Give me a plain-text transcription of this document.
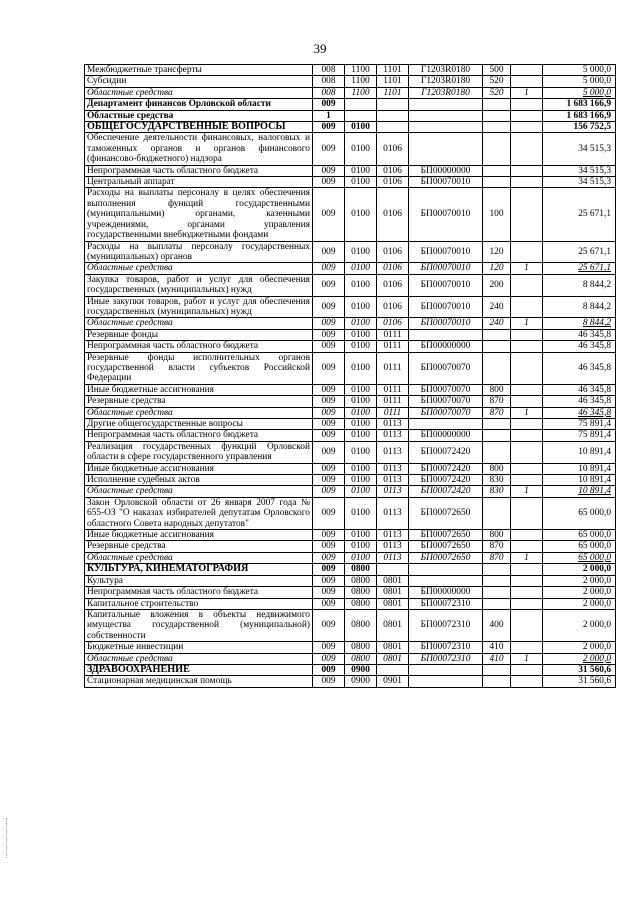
39
Межбюджетные трансферты	008	1100	1101	Г1203R0180	500		5 000,0
Субсидии	008	1100	1101	Г1203R0180	520		5 000,0
Областные средства	008	1100	1101	Г1203R0180	520	1	5 000,0
Департамент финансов Орловской области	009						1 683 166,9
Областные средства	1						1 683 166,9
ОБЩЕГОСУДАРСТВЕННЫЕ ВОПРОСЫ	009	0100					156 752,5
Обеспечение деятельности финансовых, налоговых и таможенных органов и органов финансового (финансово-бюджетного) надзора	009	0100	0106				34 515,3
Непрограммная часть областного бюджета	009	0100	0106	БП00000000			34 515,3
Центральный аппарат	009	0100	0106	БП00070010			34 515,3
Расходы на выплаты персоналу в целях обеспечения выполнения функций государственными (муниципальными) органами, казенными учреждениями, органами управления государственными внебюджетными фондами	009	0100	0106	БП00070010	100		25 671,1
Расходы на выплаты персоналу государственных (муниципальных) органов	009	0100	0106	БП00070010	120		25 671,1
Областные средства	009	0100	0106	БП00070010	120	1	25 671,1
Закупка товаров, работ и услуг для обеспечения государственных (муниципальных) нужд	009	0100	0106	БП00070010	200		8 844,2
Иные закупки товаров, работ и услуг для обеспечения государственных (муниципальных) нужд	009	0100	0106	БП00070010	240		8 844,2
Областные средства	009	0100	0106	БП00070010	240	1	8 844,2
Резервные фонды	009	0100	0111				46 345,8
Непрограммная часть областного бюджета	009	0100	0111	БП00000000			46 345,8
Резервные фонды исполнительных органов государственной власти субъектов Российской Федерации	009	0100	0111	БП00070070			46 345,8
Иные бюджетные ассигнования	009	0100	0111	БП00070070	800		46 345,8
Резервные средства	009	0100	0111	БП00070070	870		46 345,8
Областные средства	009	0100	0111	БП00070070	870	1	46 345,8
Другие общегосударственные вопросы	009	0100	0113				75 891,4
Непрограммная часть областного бюджета	009	0100	0113	БП00000000			75 891,4
Реализация государственных функций Орловской области в сфере государственного управления	009	0100	0113	БП00072420			10 891,4
Иные бюджетные ассигнования	009	0100	0113	БП00072420	800		10 891,4
Исполнение судебных актов	009	0100	0113	БП00072420	830		10 891,4
Областные средства	009	0100	0113	БП00072420	830	1	10 891,4
Закон Орловской области от 26 января 2007 года № 655-ОЗ "О наказах избирателей депутатам Орловского областного Совета народных депутатов"	009	0100	0113	БП00072650			65 000,0
Иные бюджетные ассигнования	009	0100	0113	БП00072650	800		65 000,0
Резервные средства	009	0100	0113	БП00072650	870		65 000,0
Областные средства	009	0100	0113	БП00072650	870	1	65 000,0
КУЛЬТУРА, КИНЕМАТОГРАФИЯ	009	0800					2 000,0
Культура	009	0800	0801				2 000,0
Непрограммная часть областного бюджета	009	0800	0801	БП00000000			2 000,0
Капитальное строительство	009	0800	0801	БП00072310			2 000,0
Капитальные вложения в объекты недвижимого имущества государственной (муниципальной) собственности	009	0800	0801	БП00072310	400		2 000,0
Бюджетные инвестиции	009	0800	0801	БП00072310	410		2 000,0
Областные средства	009	0800	0801	БП00072310	410	1	2 000,0
ЗДРАВООХРАНЕНИЕ	009	0900					31 560,6
Стационарная медицинская помощь	009	0900	0901				31 560,6
